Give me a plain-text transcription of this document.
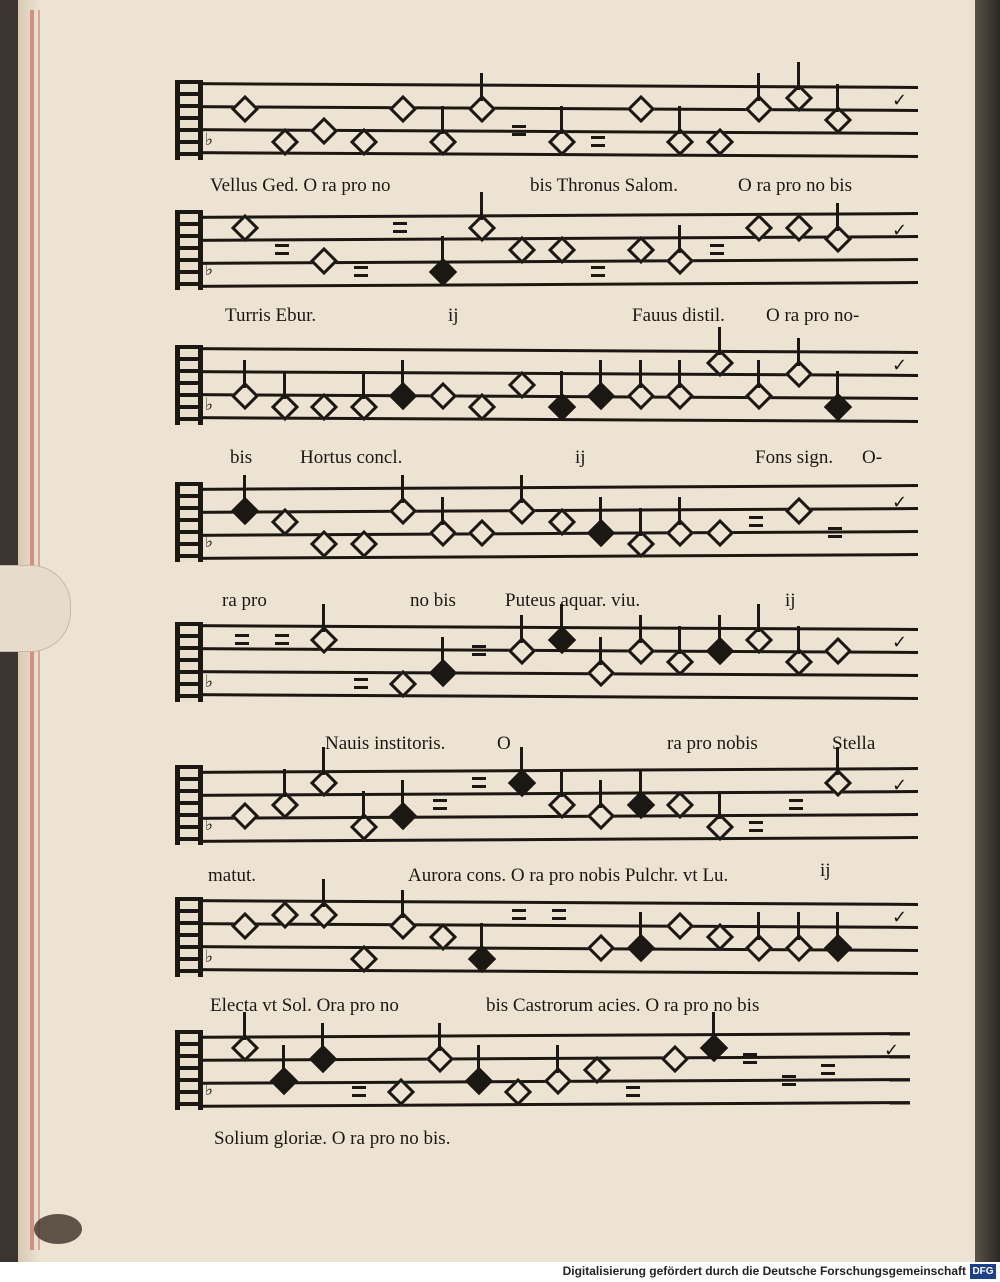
♭
✓
♭
✓
♭
✓
♭
✓
♭
✓
♭
✓
♭
✓
♭
✓
Vellus Ged. O ra pro no	bis Thronus Salom.	O ra pro no bis
Turris Ebur.	ij	Fauus distil. O ra pro no-
bis	Hortus concl.	ij	Fons sign. O-
ra pro	no bis	Puteus aquar. viu.	ij
Nauis institoris.	O	ra pro nobis	Stella
matut.	Aurora cons. O ra pro nobis Pulchr. vt Lu.	ij
Electa vt Sol. Ora pro no	bis Castrorum acies. O ra pro no bis
Solium gloriæ. O ra pro no bis.
Digitalisierung gefördert durch die Deutsche Forschungsgemeinschaft DFG
